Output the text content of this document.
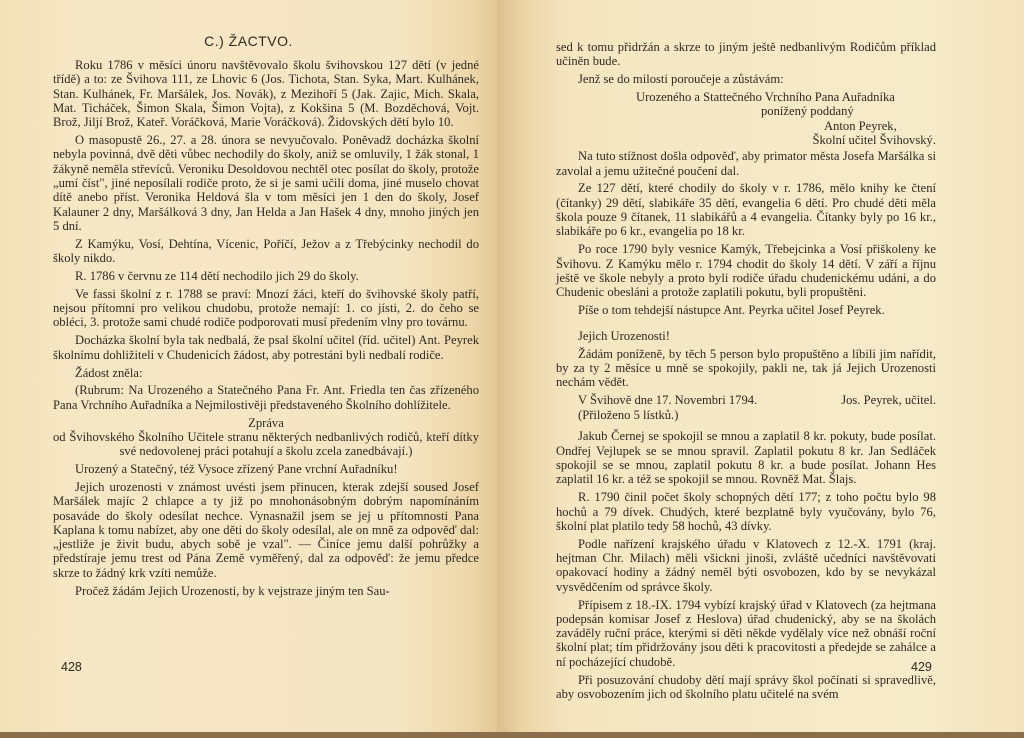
C.) ŽACTVO.

Roku 1786 v měsíci únoru navštěvovalo školu švihovskou 127 dětí (v jedné třídě) a to: ze Švihova 111, ze Lhovic 6 (Jos. Tichota, Stan. Syka, Mart. Kulhánek, Stan. Kulhánek, Fr. Maršálek, Jos. Novák), z Mezihoří 5 (Jak. Zajic, Mich. Skala, Mat. Ticháček, Šimon Skala, Šimon Vojta), z Kokšina 5 (M. Bozděchová, Vojt. Brož, Jiljí Brož, Kateř. Voráčková, Marie Voráčková). Židovských dětí bylo 10.

O masopustě 26., 27. a 28. února se nevyučovalo. Poněvadž docházka školní nebyla povinná, dvě děti vůbec nechodily do školy, aniž se omluvily, 1 žák stonal, 1 žákyně neměla střevíců. Veroniku Desoldovou nechtěl otec posílat do školy, protože „umí číst", jiné neposílali rodiče proto, že si je sami učili doma, jiné muselo chovat dítě anebo příst. Veronika Heldová šla v tom měsíci jen 1 den do školy, Josef Kalauner 2 dny, Maršálková 3 dny, Jan Helda a Jan Hašek 4 dny, mnoho jiných jen 5 dní.

Z Kamýku, Vosí, Dehtína, Vícenic, Poříčí, Ježov a z Třebýcinky nechodil do školy nikdo.

R. 1786 v červnu ze 114 dětí nechodilo jich 29 do školy.

Ve fassi školní z r. 1788 se praví: Mnozí žáci, kteří do švihovské školy patří, nejsou přítomni pro velikou chudobu, protože nemají: 1. co jísti, 2. do čeho se obléci, 3. protože sami chudé rodiče podporovati musí předením vlny pro továrnu.

Docházka školní byla tak nedbalá, že psal školní učitel (říd. učitel) Ant. Peyrek školnímu dohližiteli v Chudenicích žádost, aby potrestáni byli nedbalí rodiče.

Žádost zněla:

(Rubrum: Na Urozeného a Statečného Pana Fr. Ant. Friedla ten čas zřízeného Pana Vrchního Auřadníka a Nejmilostivěji představeného Školního dohlížitele.

Zpráva

od Švihovského Školního Učitele stranu některých nedbanlivých rodičů, kteří dítky své nedovolenej práci potahují a školu zcela zanedbávají.)

Urozený a Statečný, též Vysoce zřízený Pane vrchní Auřadníku!

Jejich urozenosti v známost uvésti jsem přinucen, kterak zdejší soused Josef Maršálek majíc 2 chlapce a ty již po mnohonásobným dobrým napomínáním posaváde do školy odesílat nechce. Vynasnažil jsem se jej u přítomnosti Pana Kaplana k tomu nabízet, aby one děti do školy odesílal, ale on mně za odpověď dal: „jestliže je živit budu, abych sobě je vzal". — Činíce jemu další pohrůžky a předstíraje jemu trest od Pána Země vyměřený, dal za odpověď: že jemu předce skrze to žádný krk vzíti nemůže.

Pročež žádám Jejich Urozenosti, by k vejstraze jiným ten Sau-

428

sed k tomu přidržán a skrze to jiným ještě nedbanlivým Rodičům příklad učiněn bude.

Jenž se do milosti poroučeje a zůstávám:

Urozeného a Stattečného Vrchního Pana Auřadníka

ponížený poddaný

Anton Peyrek,

Školní učitel Švihovský.

Na tuto stížnost došla odpověď, aby primator města Josefa Maršálka si zavolal a jemu užitečné poučení dal.

Ze 127 dětí, které chodily do školy v r. 1786, mělo knihy ke čtení (čítanky) 29 dětí, slabikáře 35 dětí, evangelia 6 dětí. Pro chudé děti měla škola pouze 9 čítanek, 11 slabikářů a 4 evangelia. Čítanky byly po 16 kr., slabikáře po 6 kr., evangelia po 18 kr.

Po roce 1790 byly vesnice Kamýk, Třebejcinka a Vosí přiškoleny ke Švihovu. Z Kamýku mělo r. 1794 chodit do školy 14 dětí. V září a říjnu ještě ve škole nebyly a proto byli rodiče úřadu chudenickému udáni, a do Chudenic obesláni a protože zaplatili pokutu, byli propuštěni.

Píše o tom tehdejší nástupce Ant. Peyrka učitel Josef Peyrek.

Jejich Urozenosti!

Žádám poníženě, by těch 5 person bylo propuštěno a líbili jim nařídit, by za ty 2 měsíce u mně se spokojily, pakli ne, tak já Jejich Urozenosti nechám vědět.

V Švihově dne 17. Novembri 1794.	Jos. Peyrek, učitel.

(Přiloženo 5 lístků.)

Jakub Černej se spokojil se mnou a zaplatil 8 kr. pokuty, bude posílat. Ondřej Vejlupek se se mnou spravil. Zaplatil pokutu 8 kr. Jan Sedláček spokojil se se mnou, zaplatil pokutu 8 kr. a bude posílat. Johann Hes zaplatil 16 kr. a též se spokojil se mnou. Rovněž Mat. Šlajs.

R. 1790 činil počet školy schopných dětí 177; z toho počtu bylo 98 hochů a 79 dívek. Chudých, které bezplatně byly vyučovány, bylo 76, školní plat platilo tedy 58 hochů, 43 dívky.

Podle nařízení krajského úřadu v Klatovech z 12.-X. 1791 (kraj. hejtman Chr. Milach) měli všickni jinoši, zvláště učedníci navštěvovati opakovací hodiny a žádný neměl býti osvobozen, kdo by se nevykázal vysvědčením od správce školy.

Přípisem z 18.-IX. 1794 vybízí krajský úřad v Klatovech (za hejtmana podepsán komisar Josef z Heslova) úřad chudenický, aby se na školách zaváděly ruční práce, kterými si děti někde vydělaly více než obnáší roční školní plat; tím přidržovány jsou děti k pracovitosti a předejde se zahálce a ní pocházející chudobě.

Při posuzování chudoby dětí mají správy škol počínati si spravedlivě, aby osvobozením jich od školního platu učitelé na svém

429
